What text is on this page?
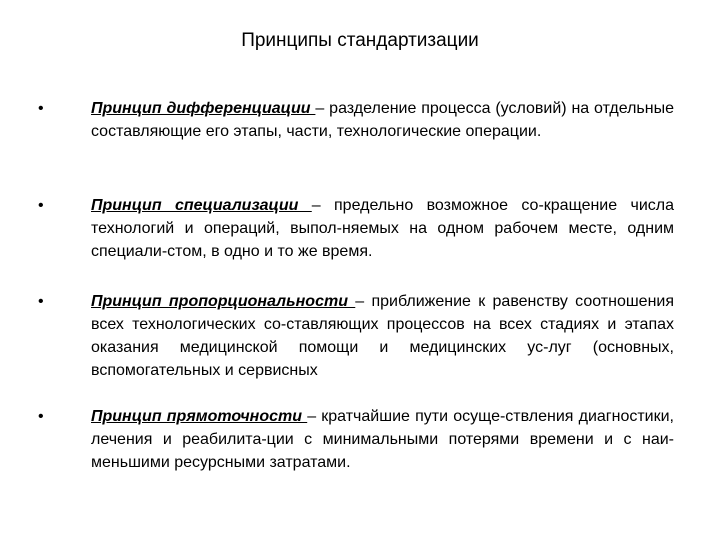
Принципы стандартизации
•	Принцип дифференциации – разделение процесса (условий) на отдельные составляющие его этапы, части, технологические операции.
•	Принцип специализации – предельно возможное со-кращение числа технологий и операций, выпол-няемых на одном рабочем месте, одним специали-стом, в одно и то же время.
•	Принцип пропорциональности – приближение к равенству соотношения всех технологических со-ставляющих процессов на всех стадиях и этапах оказания медицинской помощи и медицинских ус-луг (основных, вспомогательных и сервисных
•	Принцип прямоточности – кратчайшие пути осуще-ствления диагностики, лечения и реабилита-ции с минимальными потерями времени и с наи-меньшими ресурсными затратами.
